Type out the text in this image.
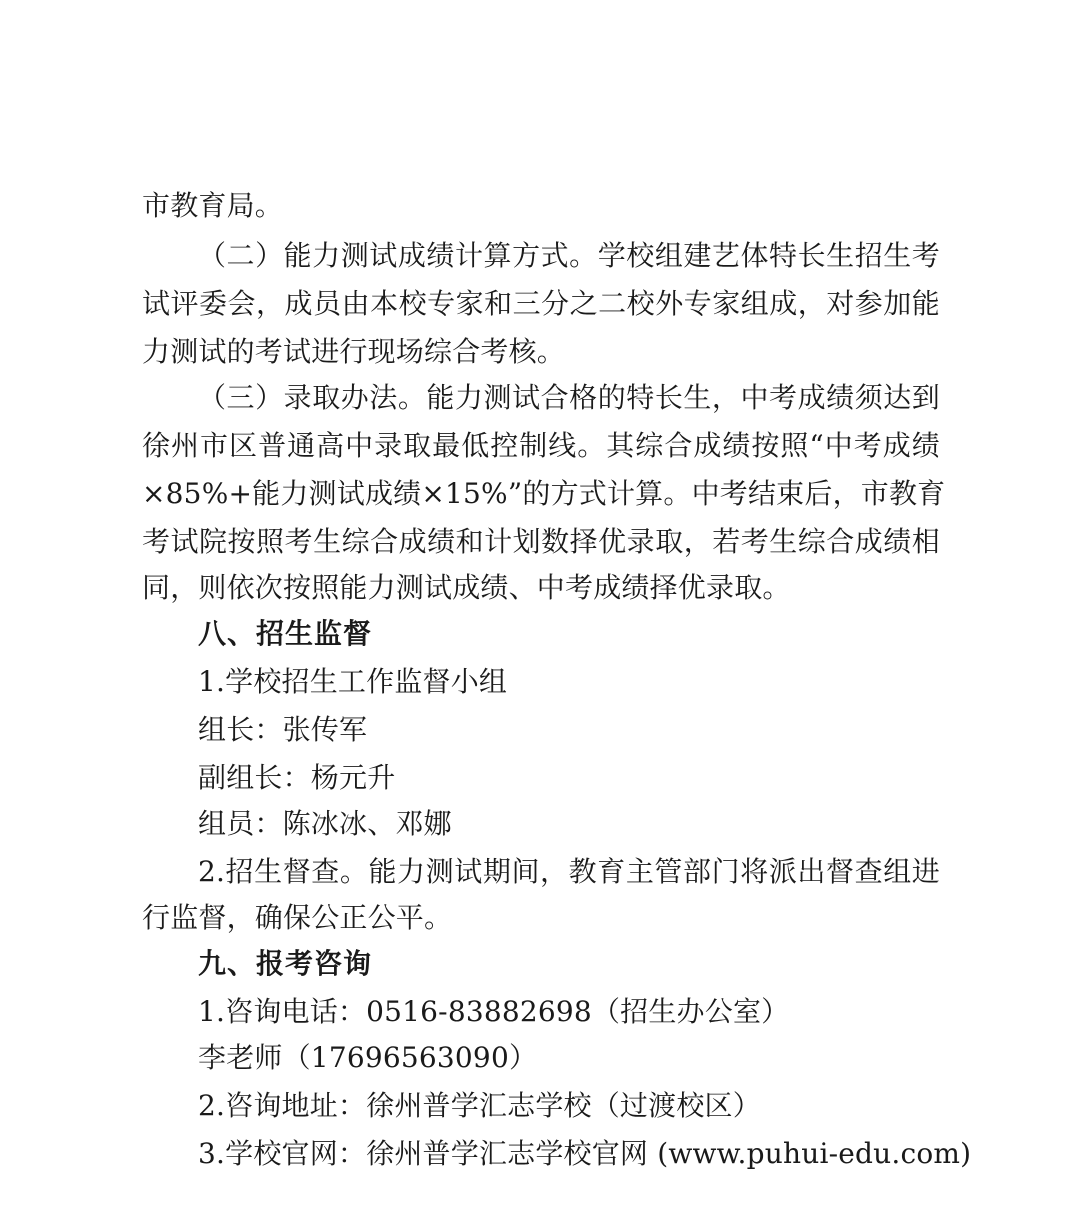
市教育局。
（二）能力测试成绩计算方式。学校组建艺体特长生招生考
试评委会，成员由本校专家和三分之二校外专家组成，对参加能
力测试的考试进行现场综合考核。
（三）录取办法。能力测试合格的特长生，中考成绩须达到
徐州市区普通高中录取最低控制线。其综合成绩按照“中考成绩
×85%+能力测试成绩×15%”的方式计算。中考结束后，市教育
考试院按照考生综合成绩和计划数择优录取，若考生综合成绩相
同，则依次按照能力测试成绩、中考成绩择优录取。
八、招生监督
1.学校招生工作监督小组
组长：张传军
副组长：杨元升
组员：陈冰冰、邓娜
2.招生督查。能力测试期间，教育主管部门将派出督查组进
行监督，确保公正公平。
九、报考咨询
1.咨询电话：0516-83882698（招生办公室）
李老师（17696563090）
2.咨询地址：徐州普学汇志学校（过渡校区）
3.学校官网：徐州普学汇志学校官网 (www.puhui-edu.com)
